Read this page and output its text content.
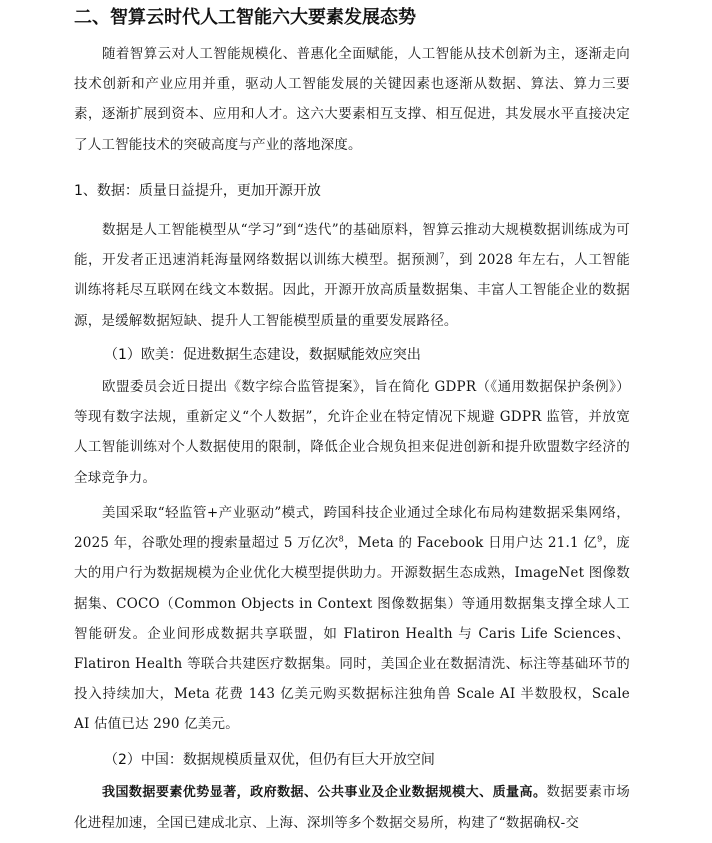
二、智算云时代人工智能六大要素发展态势
随着智算云对人工智能规模化、普惠化全面赋能，人工智能从技术创新为主，逐渐走向技术创新和产业应用并重，驱动人工智能发展的关键因素也逐渐从数据、算法、算力三要素，逐渐扩展到资本、应用和人才。这六大要素相互支撑、相互促进，其发展水平直接决定了人工智能技术的突破高度与产业的落地深度。
1、数据：质量日益提升，更加开源开放
数据是人工智能模型从“学习”到“迭代”的基础原料，智算云推动大规模数据训练成为可能，开发者正迅速消耗海量网络数据以训练大模型。据预测$^7$，到 2028 年左右，人工智能训练将耗尽互联网在线文本数据。因此，开源开放高质量数据集、丰富人工智能企业的数据源，是缓解数据短缺、提升人工智能模型质量的重要发展路径。
（1）欧美：促进数据生态建设，数据赋能效应突出
欧盟委员会近日提出《数字综合监管提案》，旨在简化 GDPR（《通用数据保护条例》）等现有数字法规，重新定义“个人数据”，允许企业在特定情况下规避 GDPR 监管，并放宽人工智能训练对个人数据使用的限制，降低企业合规负担来促进创新和提升欧盟数字经济的全球竞争力。
美国采取“轻监管+产业驱动”模式，跨国科技企业通过全球化布局构建数据采集网络，2025 年，谷歌处理的搜索量超过 5 万亿次$^8$，Meta 的 Facebook 日用户达 21.1 亿$^9$，庞大的用户行为数据规模为企业优化大模型提供助力。开源数据生态成熟，ImageNet 图像数据集、COCO（Common Objects in Context 图像数据集）等通用数据集支撑全球人工智能研发。企业间形成数据共享联盟，如 Flatiron Health 与 Caris Life Sciences、Flatiron Health 等联合共建医疗数据集。同时，美国企业在数据清洗、标注等基础环节的投入持续加大，Meta 花费 143 亿美元购买数据标注独角兽 Scale AI 半数股权，Scale AI 估值已达 290 亿美元。
（2）中国：数据规模质量双优，但仍有巨大开放空间
我国数据要素优势显著，政府数据、公共事业及企业数据规模大、质量高。数据要素市场化进程加速，全国已建成北京、上海、深圳等多个数据交易所，构建了“数据确权-交
